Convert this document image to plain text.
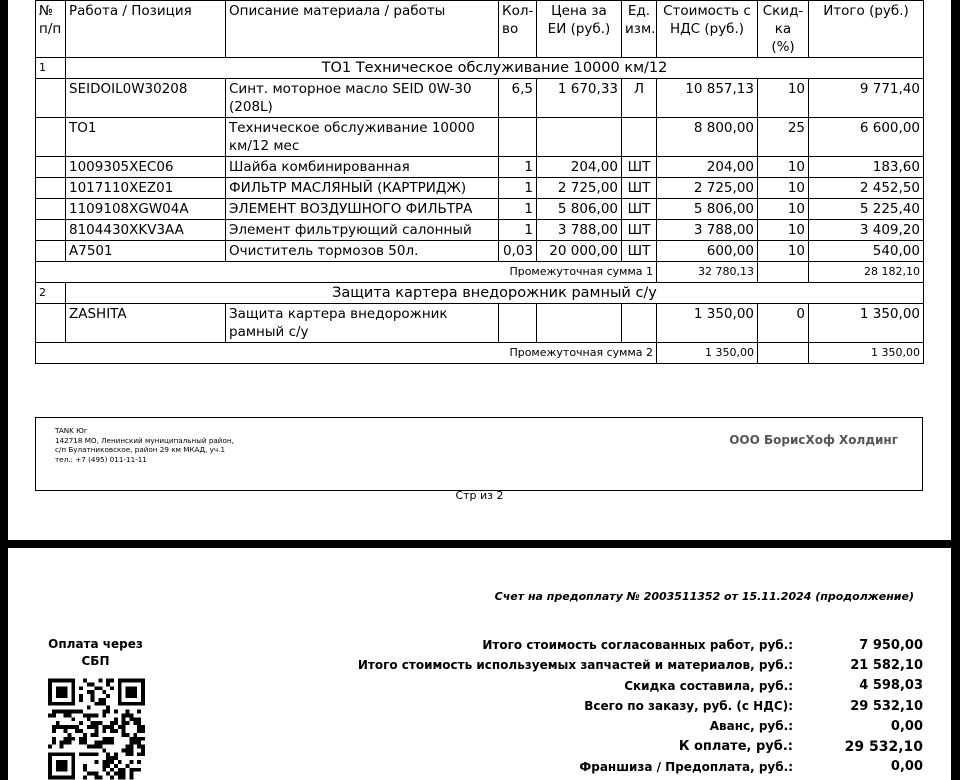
№ п/п	Работа / Позиция	Описание материала / работы	Кол-во	Цена за ЕИ (руб.)	Ед. изм.	Стоимость с НДС (руб.)	Скид-ка (%)	Итого (руб.)
1	ТО1 Техническое обслуживание 10000 км/12							
	SEIDOIL0W30208	Синт. моторное масло SEID 0W-30 (208L)	6,5	1 670,33	Л	10 857,13	10	9 771,40
	ТО1	Техническое обслуживание 10000 км/12 мес				8 800,00	25	6 600,00
	1009305XEC06	Шайба комбинированная	1	204,00	ШТ	204,00	10	183,60
	1017110XEZ01	ФИЛЬТР МАСЛЯНЫЙ (КАРТРИДЖ)	1	2 725,00	ШТ	2 725,00	10	2 452,50
	1109108XGW04A	ЭЛЕМЕНТ ВОЗДУШНОГО ФИЛЬТРА	1	5 806,00	ШТ	5 806,00	10	5 225,40
	8104430XKV3AA	Элемент фильтрующий салонный	1	3 788,00	ШТ	3 788,00	10	3 409,20
	A7501	Очиститель тормозов 50л.	0,03	20 000,00	ШТ	600,00	10	540,00
Промежуточная сумма 1						32 780,13		28 182,10
2	Защита картера внедорожник рамный с/у							
	ZASHITA	Защита картера внедорожник рамный с/у				1 350,00	0	1 350,00
Промежуточная сумма 2						1 350,00		1 350,00
TANK Юг
142718 МО, Ленинский муниципальный район,
с/п Булатниковское, район 29 км МКАД, уч.1
тел.: +7 (495) 011-11-11
ООО БорисХоф Холдинг
Стр из 2
Счет на предоплату № 2003511352 от 15.11.2024 (продолжение)
Оплата через СБП
Итого стоимость согласованных работ, руб.:	7 950,00
Итого стоимость используемых запчастей и материалов, руб.:	21 582,10
Скидка составила, руб.:	4 598,03
Всего по заказу, руб. (с НДС):	29 532,10
Аванс, руб.:	0,00
К оплате, руб.:	29 532,10
Франшиза / Предоплата, руб.:	0,00
